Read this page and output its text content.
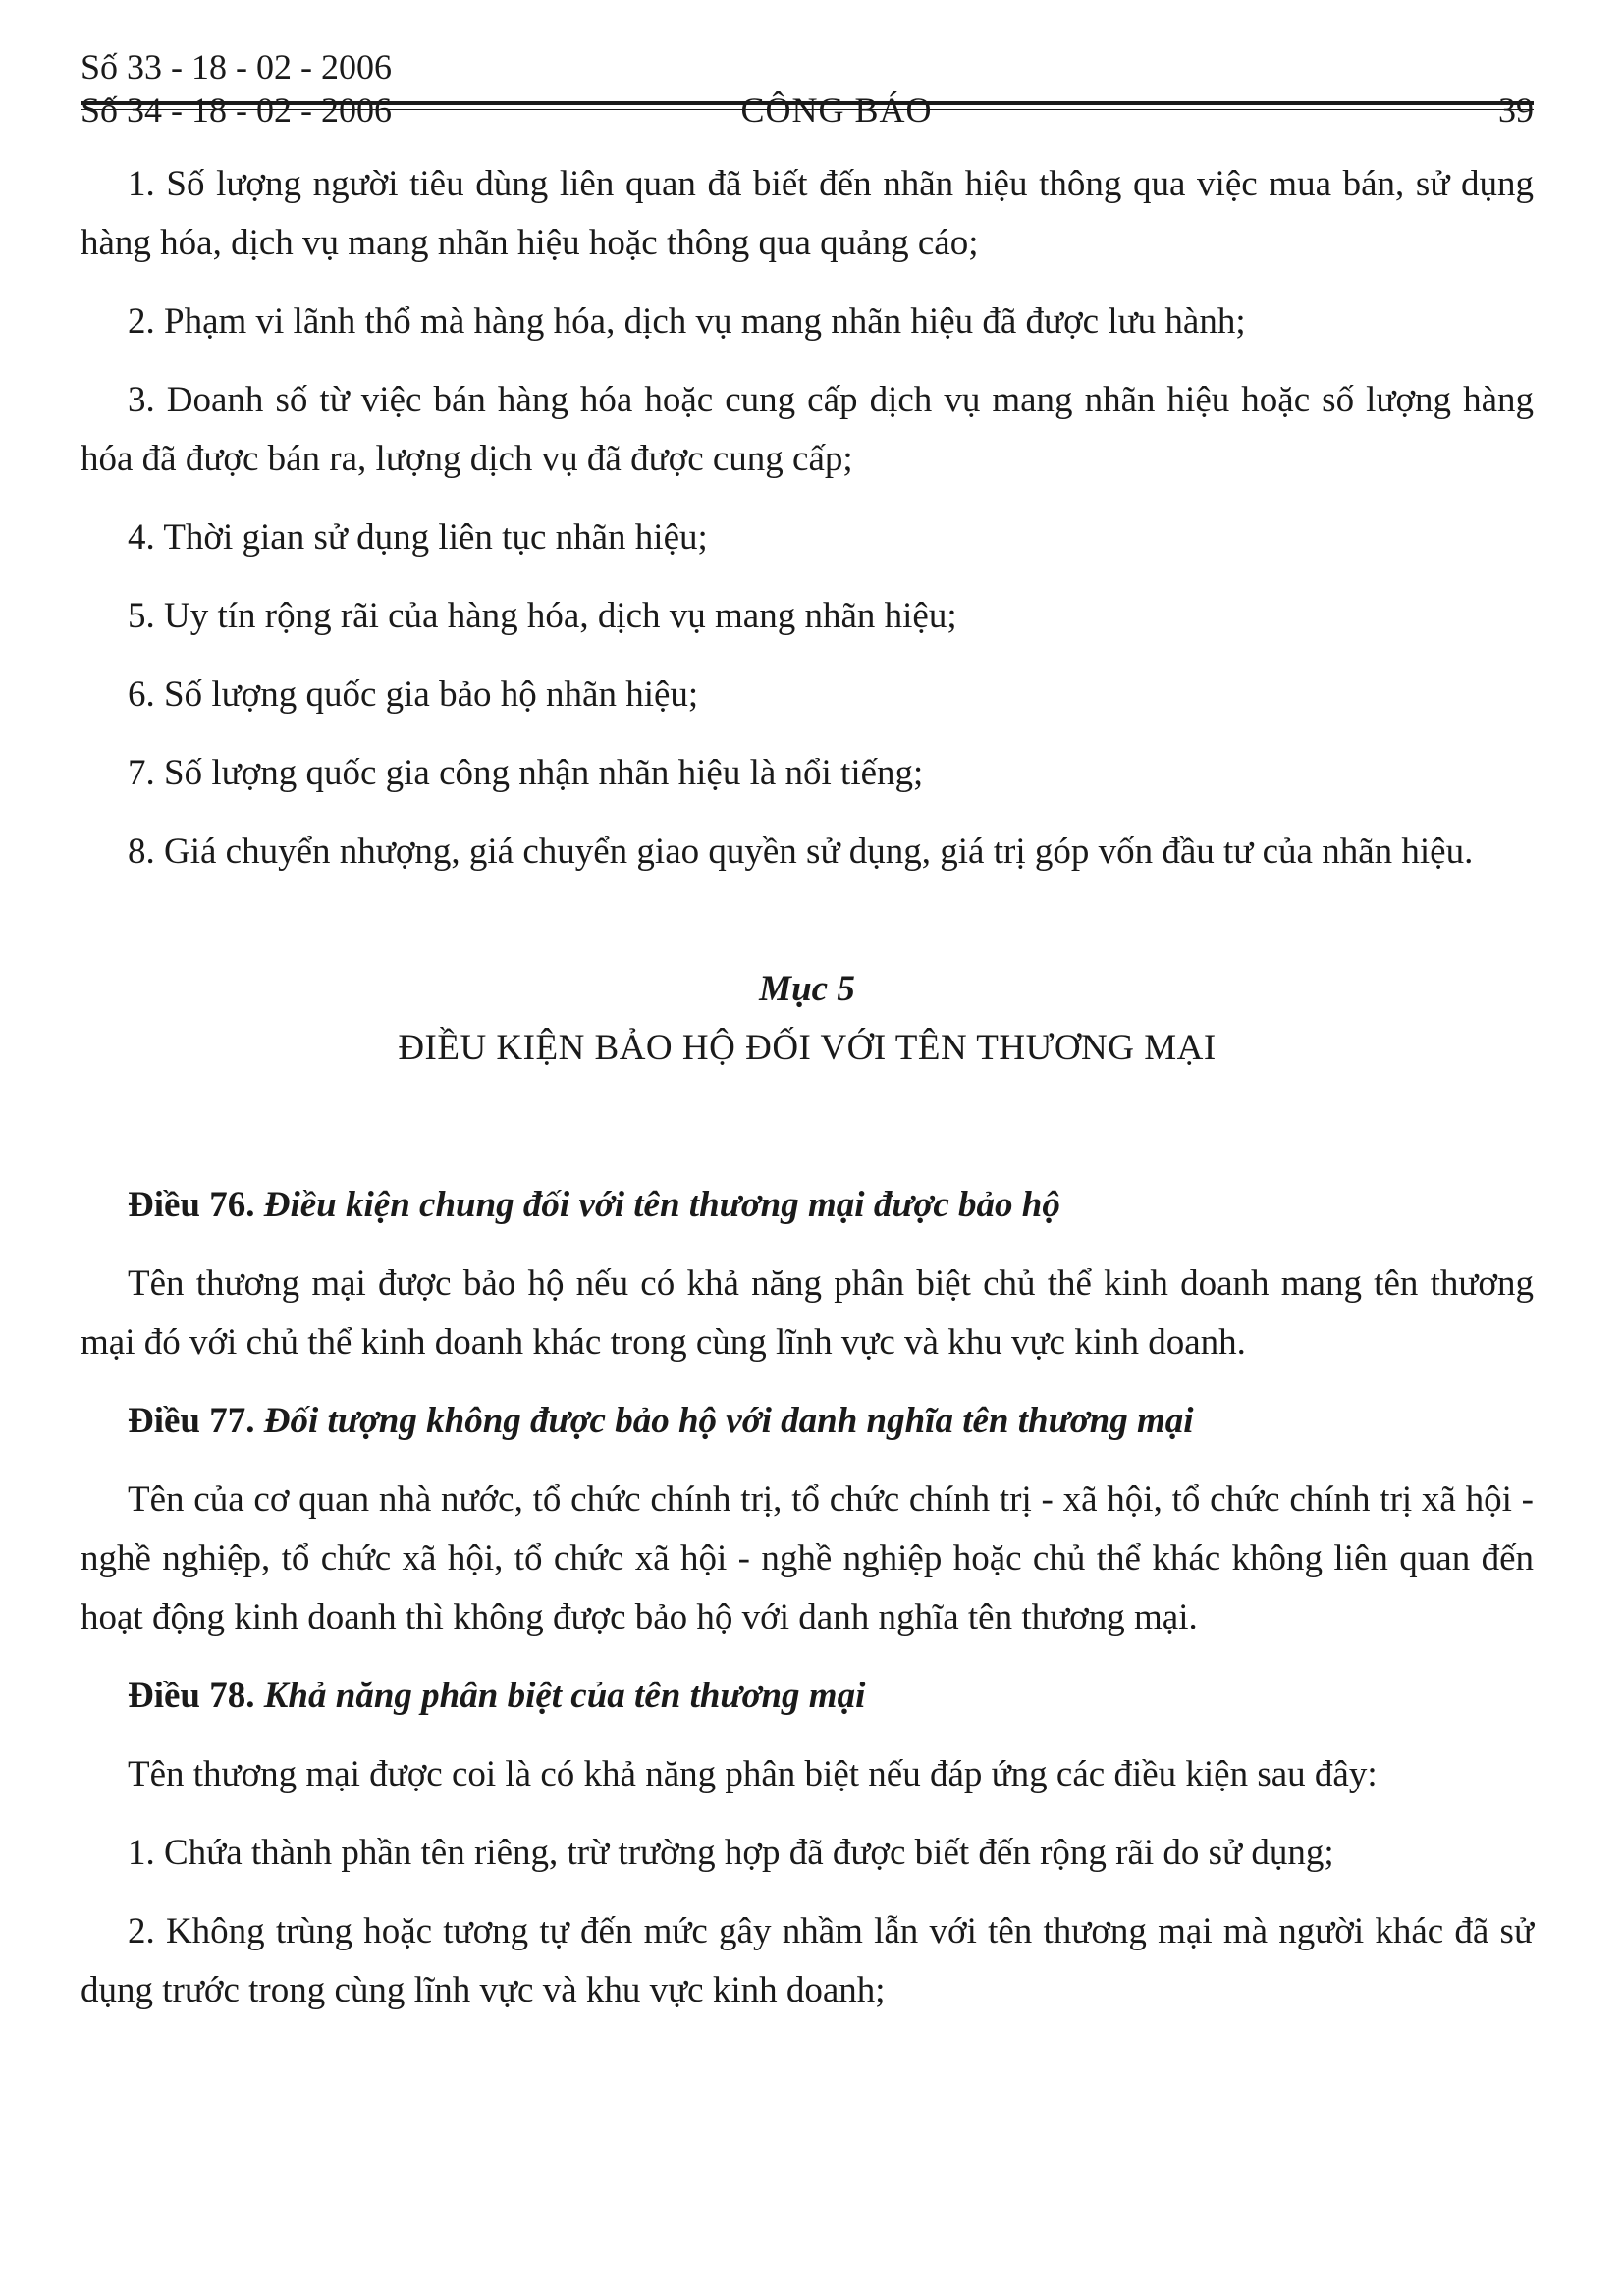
Số 33 - 18 - 02 - 2006
Số 34 - 18 - 02 - 2006	CÔNG BÁO	39

1. Số lượng người tiêu dùng liên quan đã biết đến nhãn hiệu thông qua việc mua bán, sử dụng hàng hóa, dịch vụ mang nhãn hiệu hoặc thông qua quảng cáo;

2. Phạm vi lãnh thổ mà hàng hóa, dịch vụ mang nhãn hiệu đã được lưu hành;

3. Doanh số từ việc bán hàng hóa hoặc cung cấp dịch vụ mang nhãn hiệu hoặc số lượng hàng hóa đã được bán ra, lượng dịch vụ đã được cung cấp;

4. Thời gian sử dụng liên tục nhãn hiệu;

5. Uy tín rộng rãi của hàng hóa, dịch vụ mang nhãn hiệu;

6. Số lượng quốc gia bảo hộ nhãn hiệu;

7. Số lượng quốc gia công nhận nhãn hiệu là nổi tiếng;

8. Giá chuyển nhượng, giá chuyển giao quyền sử dụng, giá trị góp vốn đầu tư của nhãn hiệu.

Mục 5

ĐIỀU KIỆN BẢO HỘ ĐỐI VỚI TÊN THƯƠNG MẠI

Điều 76. Điều kiện chung đối với tên thương mại được bảo hộ

Tên thương mại được bảo hộ nếu có khả năng phân biệt chủ thể kinh doanh mang tên thương mại đó với chủ thể kinh doanh khác trong cùng lĩnh vực và khu vực kinh doanh.

Điều 77. Đối tượng không được bảo hộ với danh nghĩa tên thương mại

Tên của cơ quan nhà nước, tổ chức chính trị, tổ chức chính trị - xã hội, tổ chức chính trị xã hội - nghề nghiệp, tổ chức xã hội, tổ chức xã hội - nghề nghiệp hoặc chủ thể khác không liên quan đến hoạt động kinh doanh thì không được bảo hộ với danh nghĩa tên thương mại.

Điều 78. Khả năng phân biệt của tên thương mại

Tên thương mại được coi là có khả năng phân biệt nếu đáp ứng các điều kiện sau đây:

1. Chứa thành phần tên riêng, trừ trường hợp đã được biết đến rộng rãi do sử dụng;

2. Không trùng hoặc tương tự đến mức gây nhầm lẫn với tên thương mại mà người khác đã sử dụng trước trong cùng lĩnh vực và khu vực kinh doanh;
